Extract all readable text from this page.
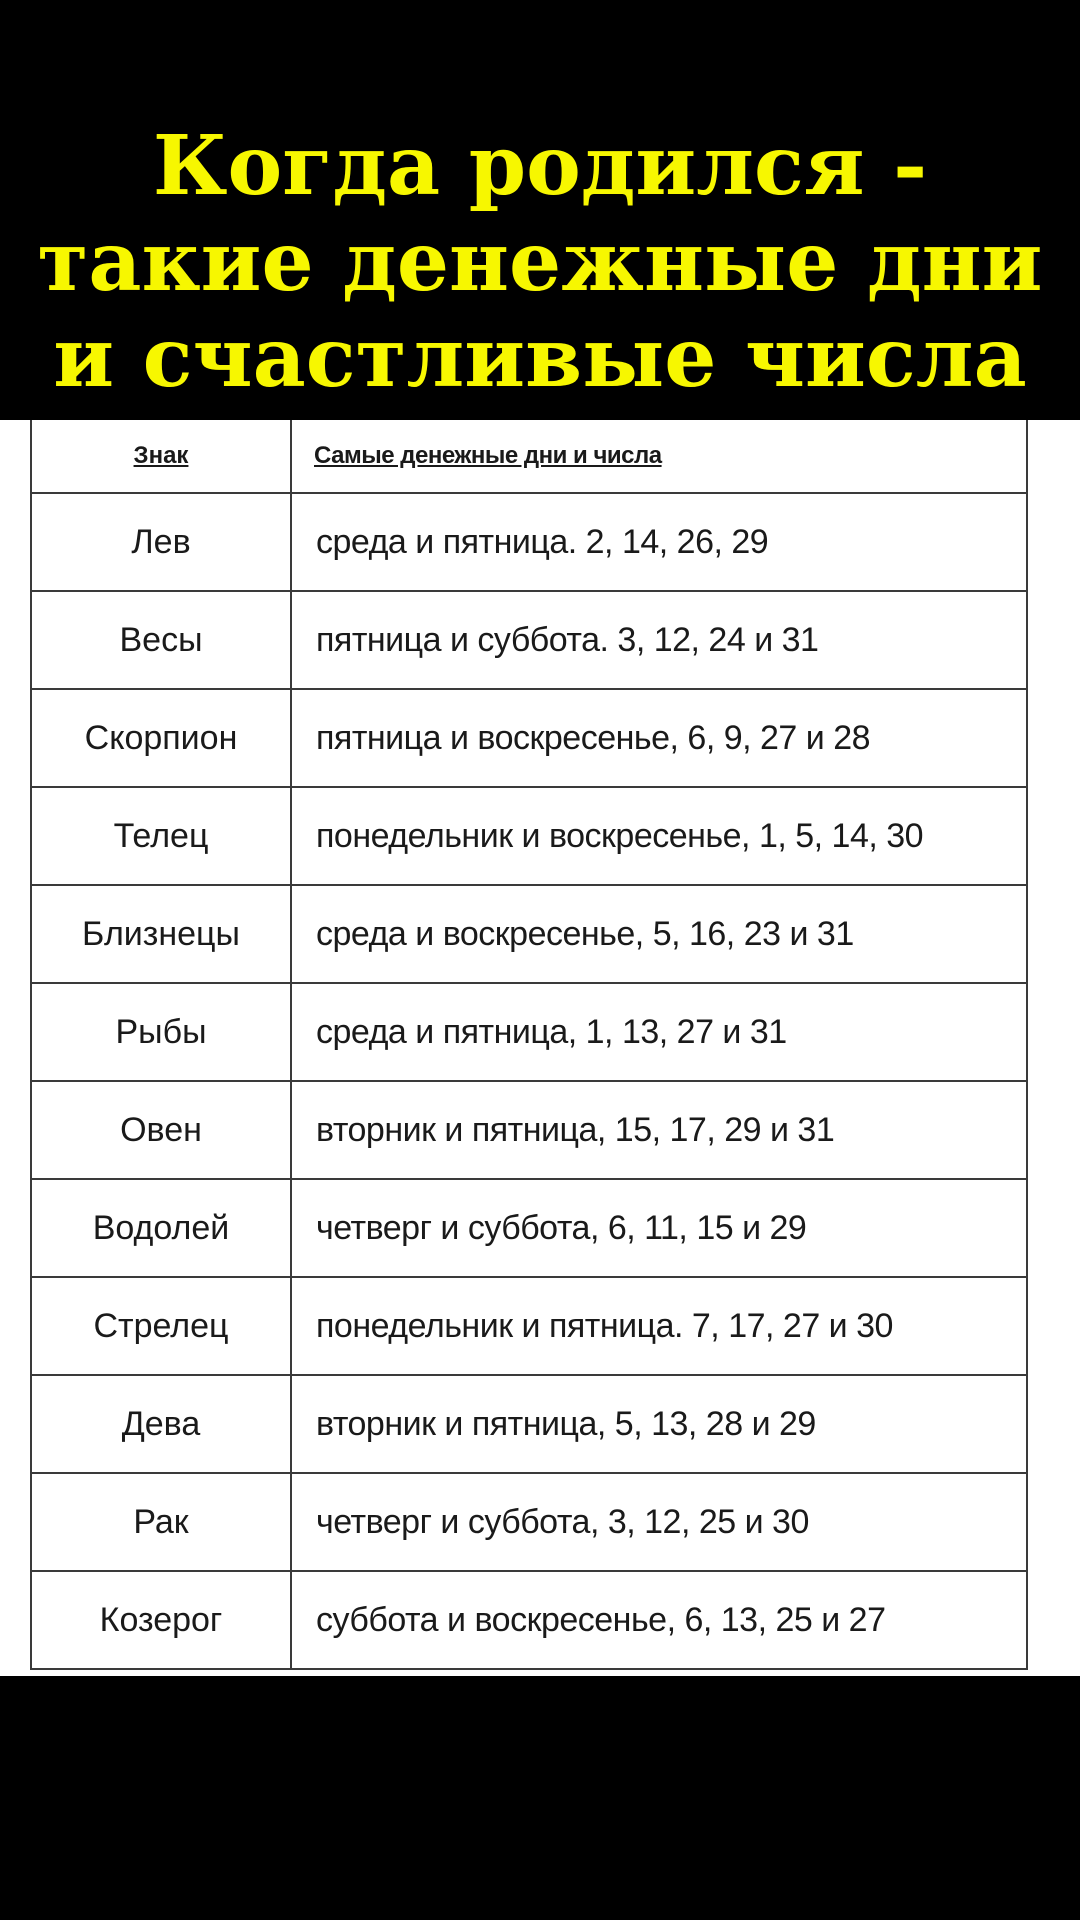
Когда родился -
такие денежные дни
и счастливые числа
Знак	Самые денежные дни и числа
Лев	среда и пятница. 2, 14, 26, 29
Весы	пятница и суббота. 3, 12, 24 и 31
Скорпион	пятница и воскресенье, 6, 9, 27 и 28
Телец	понедельник и воскресенье, 1, 5, 14, 30
Близнецы	среда и воскресенье, 5, 16, 23 и 31
Рыбы	среда и пятница, 1, 13, 27 и 31
Овен	вторник и пятница, 15, 17, 29 и 31
Водолей	четверг и суббота, 6, 11, 15 и 29
Стрелец	понедельник и пятница. 7, 17, 27 и 30
Дева	вторник и пятница, 5, 13, 28 и 29
Рак	четверг и суббота, 3, 12, 25 и 30
Козерог	суббота и воскресенье, 6, 13, 25 и 27
